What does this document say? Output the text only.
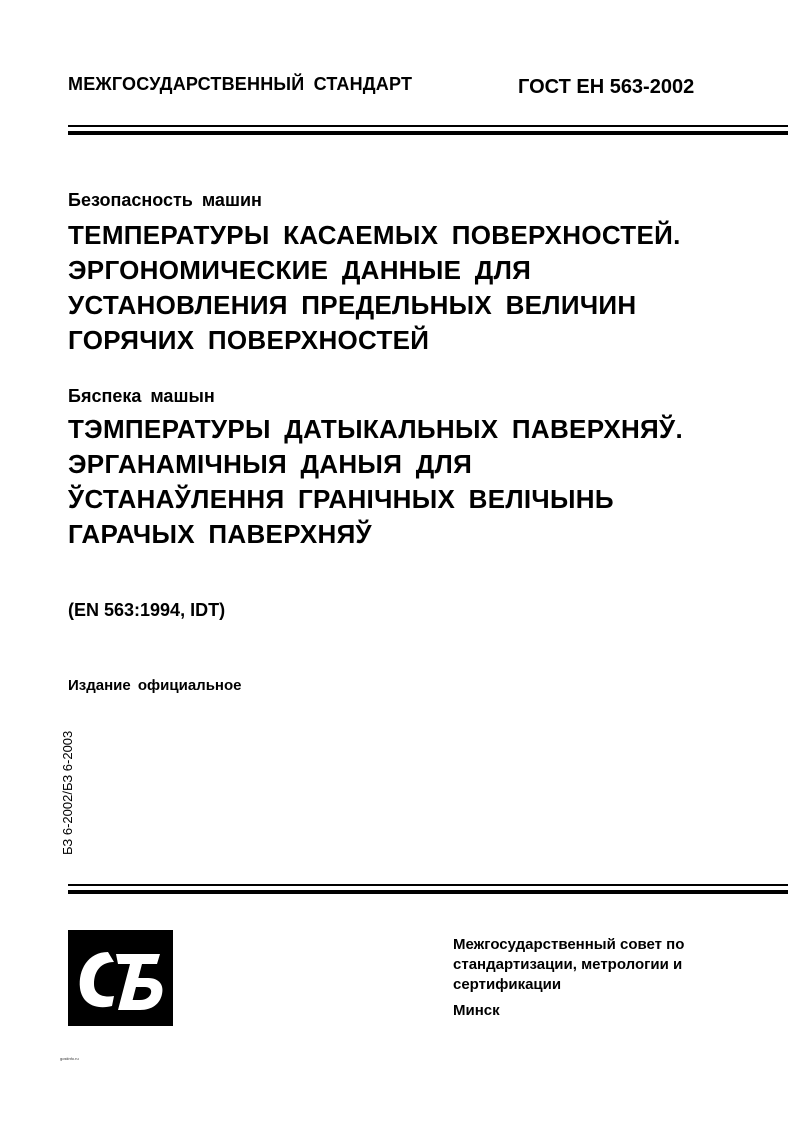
МЕЖГОСУДАРСТВЕННЫЙ СТАНДАРТ	ГОСТ ЕН 563-2002
Безопасность машин
ТЕМПЕРАТУРЫ КАСАЕМЫХ ПОВЕРХНОСТЕЙ.
ЭРГОНОМИЧЕСКИЕ ДАННЫЕ ДЛЯ
УСТАНОВЛЕНИЯ ПРЕДЕЛЬНЫХ ВЕЛИЧИН
ГОРЯЧИХ ПОВЕРХНОСТЕЙ
Бяспека машын
ТЭМПЕРАТУРЫ ДАТЫКАЛЬНЫХ ПАВЕРХНЯЎ.
ЭРГАНАМІЧНЫЯ ДАНЫЯ ДЛЯ
ЎСТАНАЎЛЕННЯ ГРАНІЧНЫХ ВЕЛІЧЫНЬ
ГАРАЧЫХ ПАВЕРХНЯЎ
(EN 563:1994, IDT)
Издание официальное
БЗ 6-2002/БЗ 6-2003
Межгосударственный совет по
стандартизации, метрологии и
сертификации
Минск
gostinfo.ru
